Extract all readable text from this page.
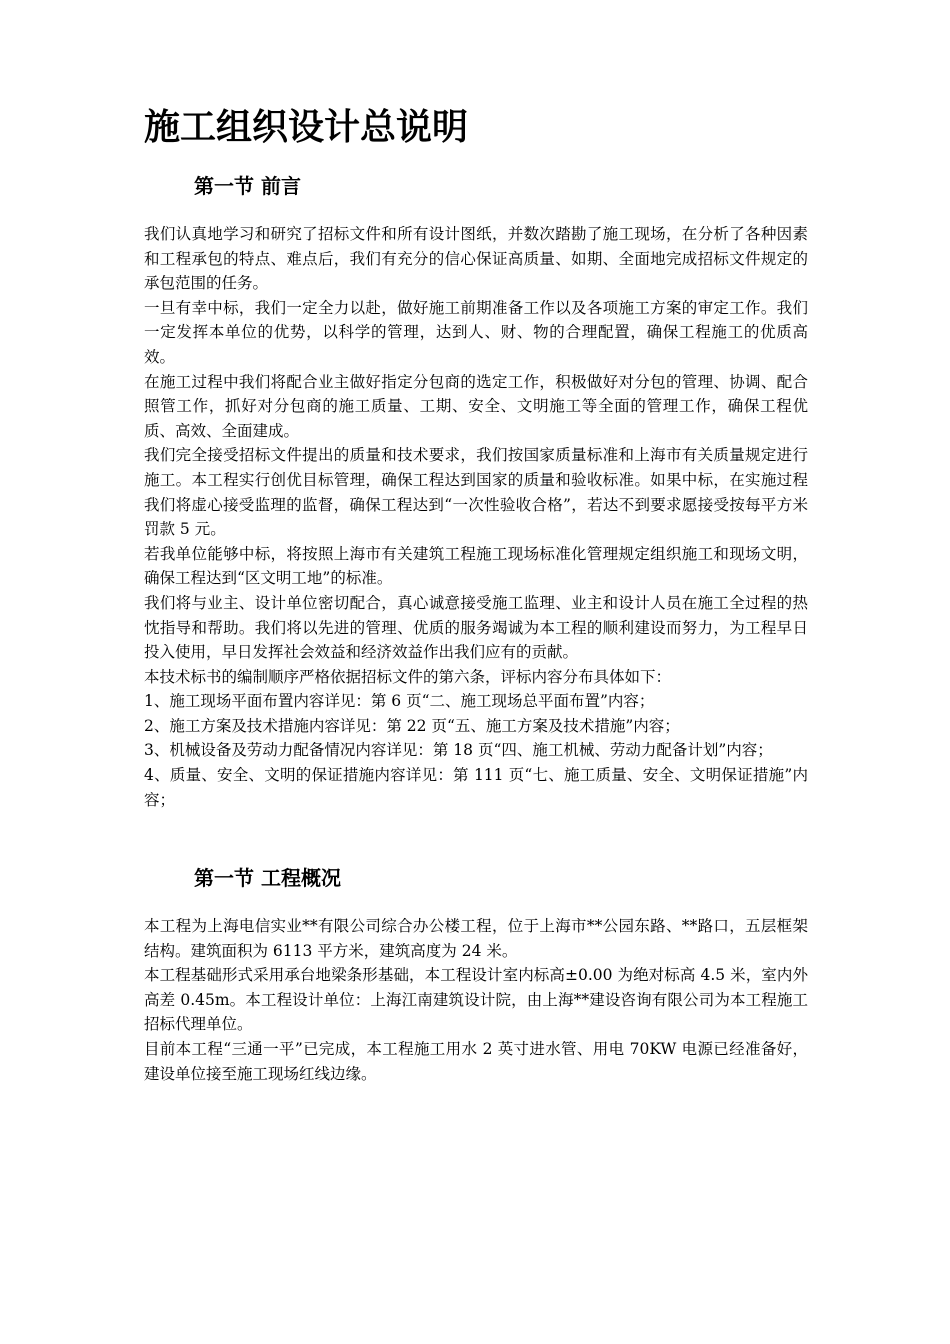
施工组织设计总说明
第一节 前言

我们认真地学习和研究了招标文件和所有设计图纸，并数次踏勘了施工现场，在分析了各种因素和工程承包的特点、难点后，我们有充分的信心保证高质量、如期、全面地完成招标文件规定的承包范围的任务。

一旦有幸中标，我们一定全力以赴，做好施工前期准备工作以及各项施工方案的审定工作。我们一定发挥本单位的优势，以科学的管理，达到人、财、物的合理配置，确保工程施工的优质高效。

在施工过程中我们将配合业主做好指定分包商的选定工作，积极做好对分包的管理、协调、配合照管工作，抓好对分包商的施工质量、工期、安全、文明施工等全面的管理工作，确保工程优质、高效、全面建成。

我们完全接受招标文件提出的质量和技术要求，我们按国家质量标准和上海市有关质量规定进行施工。本工程实行创优目标管理，确保工程达到国家的质量和验收标准。如果中标，在实施过程我们将虚心接受监理的监督，确保工程达到“一次性验收合格”，若达不到要求愿接受按每平方米罚款 5 元。

若我单位能够中标，将按照上海市有关建筑工程施工现场标准化管理规定组织施工和现场文明，确保工程达到“区文明工地”的标准。

我们将与业主、设计单位密切配合，真心诚意接受施工监理、业主和设计人员在施工全过程的热忱指导和帮助。我们将以先进的管理、优质的服务竭诚为本工程的顺利建设而努力，为工程早日投入使用，早日发挥社会效益和经济效益作出我们应有的贡献。

本技术标书的编制顺序严格依据招标文件的第六条，评标内容分布具体如下：

1、施工现场平面布置内容详见：第 6 页“二、施工现场总平面布置”内容；

2、施工方案及技术措施内容详见：第 22 页“五、施工方案及技术措施”内容；

3、机械设备及劳动力配备情况内容详见：第 18 页“四、施工机械、劳动力配备计划”内容；

4、质量、安全、文明的保证措施内容详见：第 111 页“七、施工质量、安全、文明保证措施”内容；

第一节 工程概况

本工程为上海电信实业**有限公司综合办公楼工程，位于上海市**公园东路、**路口，五层框架结构。建筑面积为 6113 平方米，建筑高度为 24 米。

本工程基础形式采用承台地梁条形基础，本工程设计室内标高±0.00 为绝对标高 4.5 米，室内外高差 0.45m。本工程设计单位：上海江南建筑设计院，由上海**建设咨询有限公司为本工程施工招标代理单位。

目前本工程“三通一平”已完成，本工程施工用水 2 英寸进水管、用电 70KW 电源已经准备好，建设单位接至施工现场红线边缘。
